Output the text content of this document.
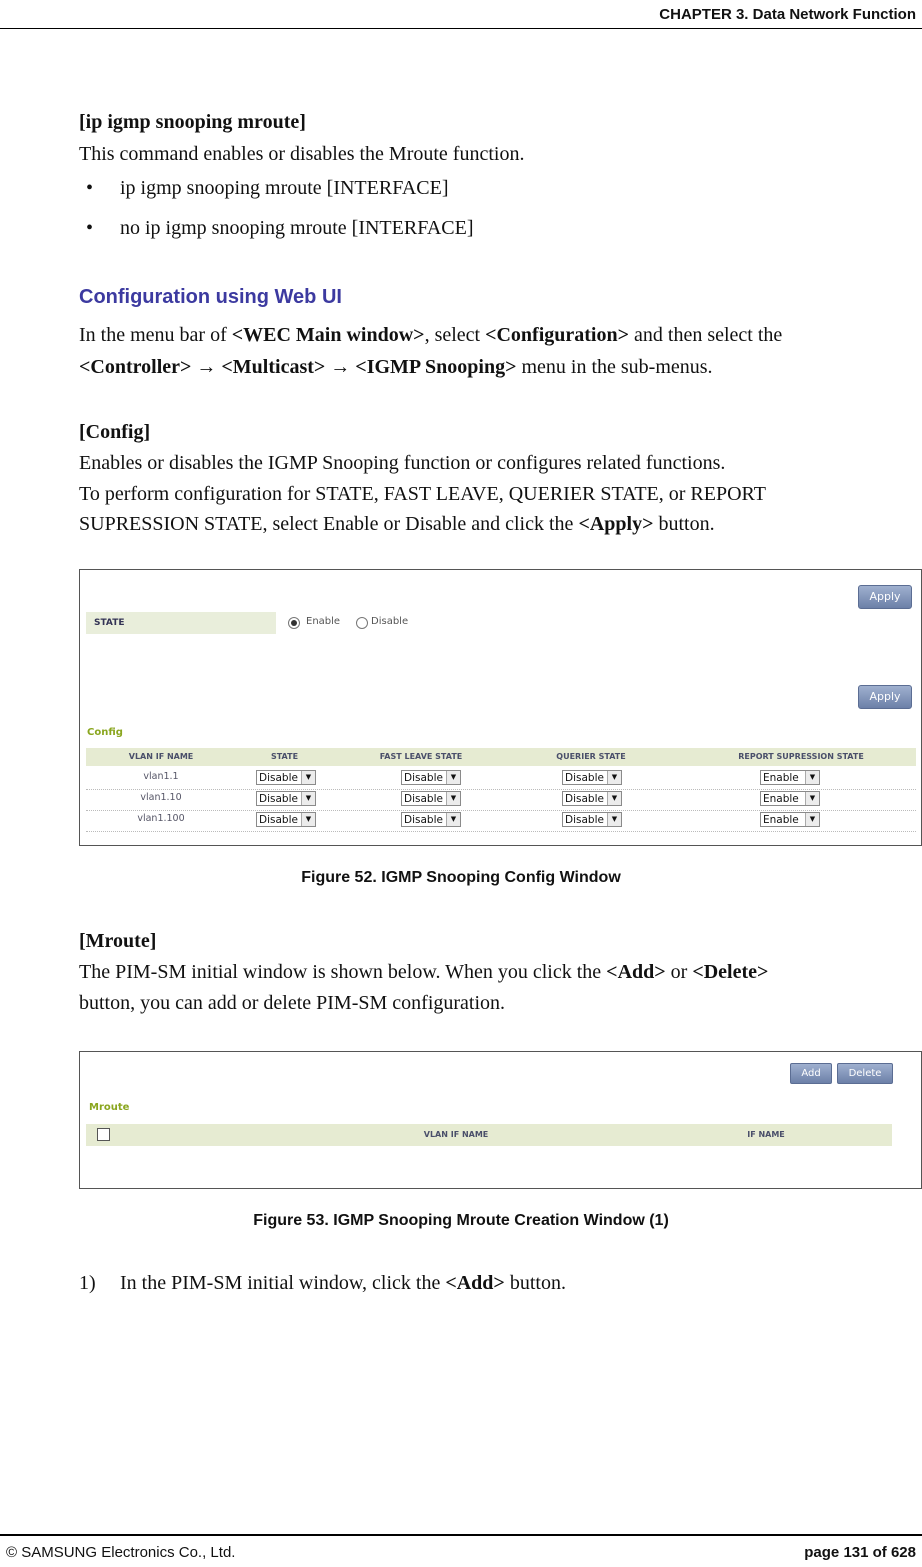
CHAPTER 3. Data Network Function
[ip igmp snooping mroute]
This command enables or disables the Mroute function.
• ip igmp snooping mroute [INTERFACE]
• no ip igmp snooping mroute [INTERFACE]
Configuration using Web UI
In the menu bar of <WEC Main window>, select <Configuration> and then select the
<Controller> → <Multicast> → <IGMP Snooping> menu in the sub-menus.
[Config]
Enables or disables the IGMP Snooping function or configures related functions.
To perform configuration for STATE, FAST LEAVE, QUERIER STATE, or REPORT
SUPRESSION STATE, select Enable or Disable and click the <Apply> button.
Apply
STATE	Enable	Disable
Apply
Config
VLAN IF NAME	STATE	FAST LEAVE STATE	QUERIER STATE	REPORT SUPRESSION STATE
vlan1.1	Disable	▼	Disable	▼	Disable	▼	Enable	▼
vlan1.10	Disable	▼	Disable	▼	Disable	▼	Enable	▼
vlan1.100	Disable	▼	Disable	▼	Disable	▼	Enable	▼
Figure 52. IGMP Snooping Config Window
[Mroute]
The PIM-SM initial window is shown below. When you click the <Add> or <Delete>
button, you can add or delete PIM-SM configuration.
Add	Delete
Mroute
VLAN IF NAME	IF NAME
Figure 53. IGMP Snooping Mroute Creation Window (1)
1) In the PIM-SM initial window, click the <Add> button.
© SAMSUNG Electronics Co., Ltd.	page 131 of 628
